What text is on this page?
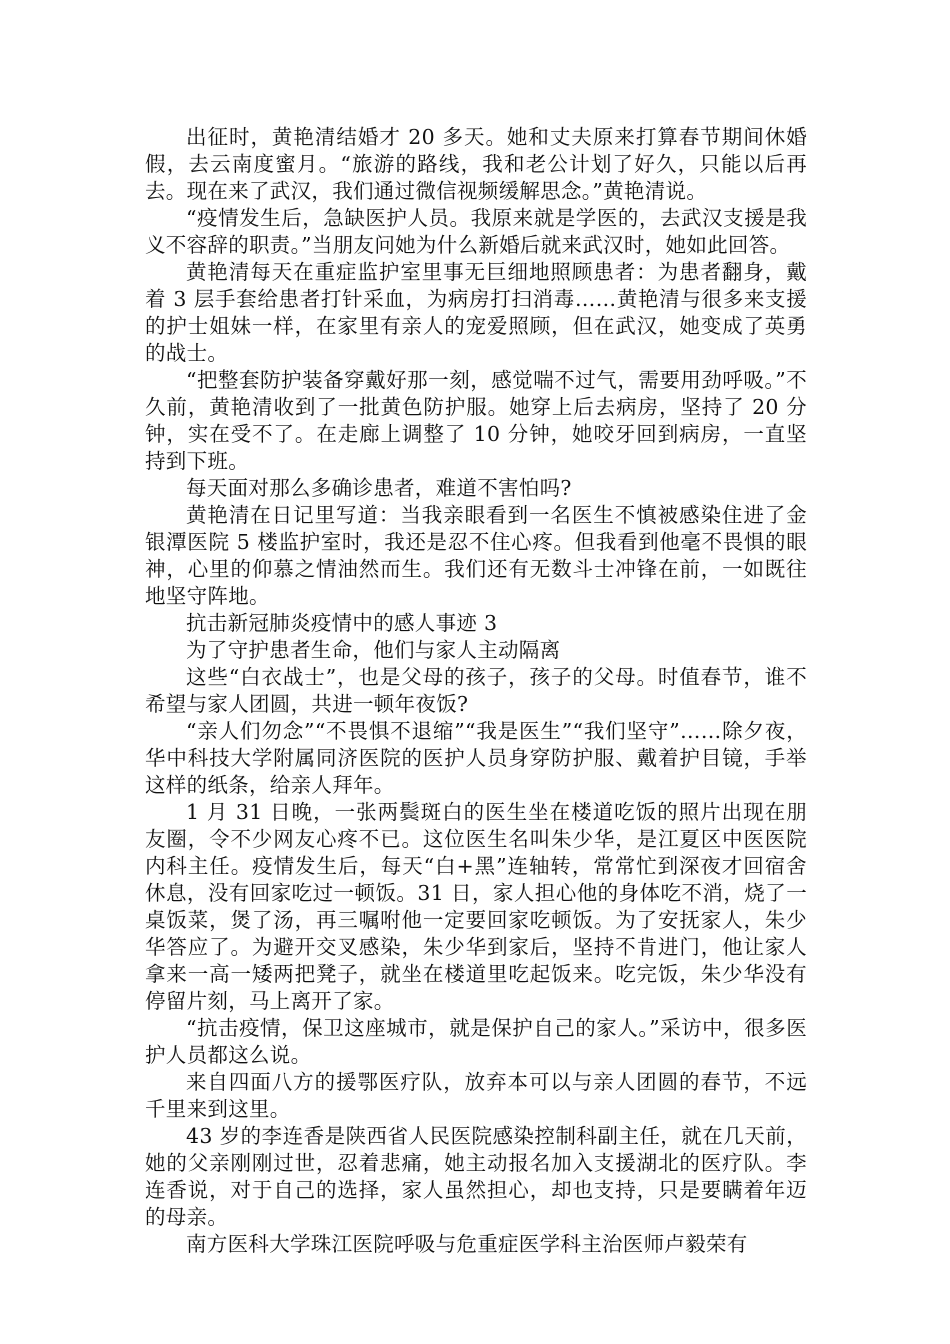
出征时，黄艳清结婚才 20 多天。她和丈夫原来打算春节期间休婚假，去云南度蜜月。“旅游的路线，我和老公计划了好久，只能以后再去。现在来了武汉，我们通过微信视频缓解思念。”黄艳清说。

“疫情发生后，急缺医护人员。我原来就是学医的，去武汉支援是我义不容辞的职责。”当朋友问她为什么新婚后就来武汉时，她如此回答。

黄艳清每天在重症监护室里事无巨细地照顾患者：为患者翻身，戴着 3 层手套给患者打针采血，为病房打扫消毒……黄艳清与很多来支援的护士姐妹一样，在家里有亲人的宠爱照顾，但在武汉，她变成了英勇的战士。

“把整套防护装备穿戴好那一刻，感觉喘不过气，需要用劲呼吸。”不久前，黄艳清收到了一批黄色防护服。她穿上后去病房，坚持了 20 分钟，实在受不了。在走廊上调整了 10 分钟，她咬牙回到病房，一直坚持到下班。

每天面对那么多确诊患者，难道不害怕吗?

黄艳清在日记里写道：当我亲眼看到一名医生不慎被感染住进了金银潭医院 5 楼监护室时，我还是忍不住心疼。但我看到他毫不畏惧的眼神，心里的仰慕之情油然而生。我们还有无数斗士冲锋在前，一如既往地坚守阵地。

抗击新冠肺炎疫情中的感人事迹 3

为了守护患者生命，他们与家人主动隔离

这些“白衣战士”，也是父母的孩子，孩子的父母。时值春节，谁不希望与家人团圆，共进一顿年夜饭?

“亲人们勿念”“不畏惧不退缩”“我是医生”“我们坚守”……除夕夜，华中科技大学附属同济医院的医护人员身穿防护服、戴着护目镜，手举这样的纸条，给亲人拜年。

1 月 31 日晚，一张两鬓斑白的医生坐在楼道吃饭的照片出现在朋友圈，令不少网友心疼不已。这位医生名叫朱少华，是江夏区中医医院内科主任。疫情发生后，每天“白+黑”连轴转，常常忙到深夜才回宿舍休息，没有回家吃过一顿饭。31 日，家人担心他的身体吃不消，烧了一桌饭菜，煲了汤，再三嘱咐他一定要回家吃顿饭。为了安抚家人，朱少华答应了。为避开交叉感染，朱少华到家后，坚持不肯进门，他让家人拿来一高一矮两把凳子，就坐在楼道里吃起饭来。吃完饭，朱少华没有停留片刻，马上离开了家。

“抗击疫情，保卫这座城市，就是保护自己的家人。”采访中，很多医护人员都这么说。

来自四面八方的援鄂医疗队，放弃本可以与亲人团圆的春节，不远千里来到这里。

43 岁的李连香是陕西省人民医院感染控制科副主任，就在几天前，她的父亲刚刚过世，忍着悲痛，她主动报名加入支援湖北的医疗队。李连香说，对于自己的选择，家人虽然担心，却也支持，只是要瞒着年迈的母亲。

南方医科大学珠江医院呼吸与危重症医学科主治医师卢毅荣有
